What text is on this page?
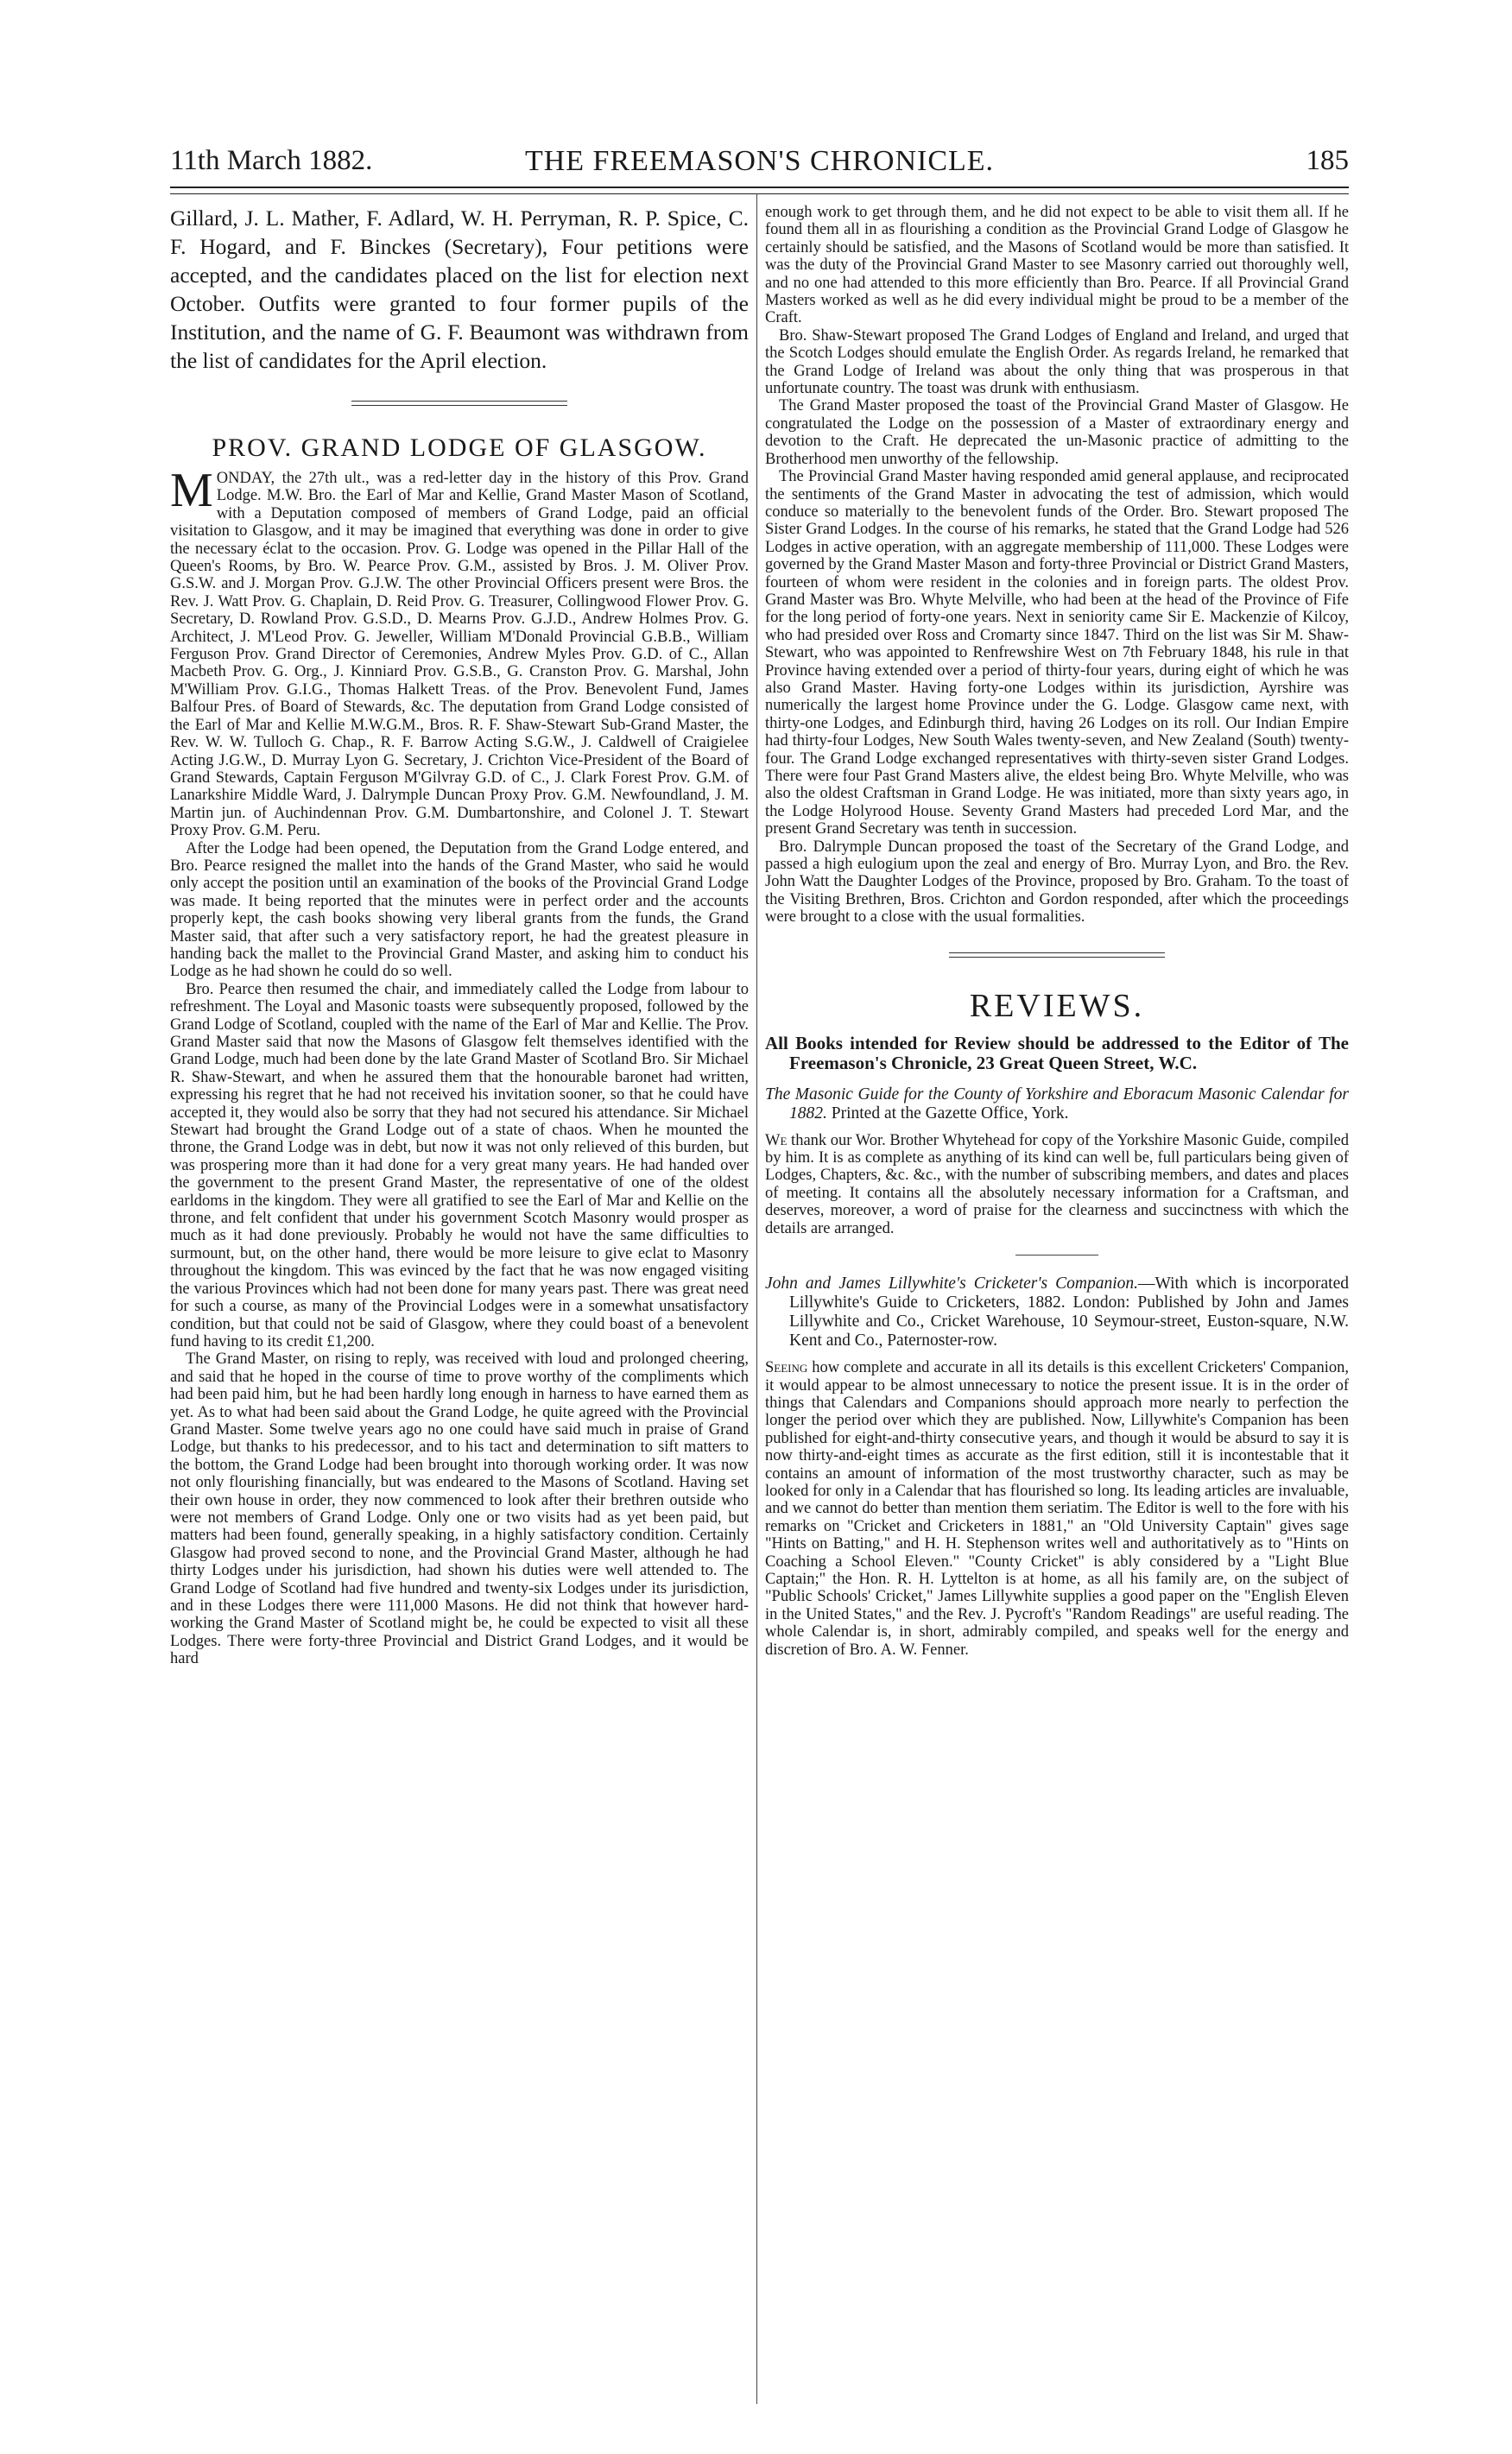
11th March 1882.	THE FREEMASON'S CHRONICLE.	185

Gillard, J. L. Mather, F. Adlard, W. H. Perryman, R. P. Spice, C. F. Hogard, and F. Binckes (Secretary), Four petitions were accepted, and the candidates placed on the list for election next October. Outfits were granted to four former pupils of the Institution, and the name of G. F. Beaumont was withdrawn from the list of candidates for the April election.

PROV. GRAND LODGE OF GLASGOW.

MONDAY, the 27th ult., was a red-letter day in the history of this Prov. Grand Lodge. M.W. Bro. the Earl of Mar and Kellie, Grand Master Mason of Scotland, with a Deputation composed of members of Grand Lodge, paid an official visitation to Glasgow, and it may be imagined that everything was done in order to give the necessary éclat to the occasion. Prov. G. Lodge was opened in the Pillar Hall of the Queen's Rooms, by Bro. W. Pearce Prov. G.M., assisted by Bros. J. M. Oliver Prov. G.S.W. and J. Morgan Prov. G.J.W. The other Provincial Officers present were Bros. the Rev. J. Watt Prov. G. Chaplain, D. Reid Prov. G. Treasurer, Collingwood Flower Prov. G. Secretary, D. Rowland Prov. G.S.D., D. Mearns Prov. G.J.D., Andrew Holmes Prov. G. Architect, J. M'Leod Prov. G. Jeweller, William M'Donald Provincial G.B.B., William Ferguson Prov. Grand Director of Ceremonies, Andrew Myles Prov. G.D. of C., Allan Macbeth Prov. G. Org., J. Kinniard Prov. G.S.B., G. Cranston Prov. G. Marshal, John M'William Prov. G.I.G., Thomas Halkett Treas. of the Prov. Benevolent Fund, James Balfour Pres. of Board of Stewards, &c. The deputation from Grand Lodge consisted of the Earl of Mar and Kellie M.W.G.M., Bros. R. F. Shaw-Stewart Sub-Grand Master, the Rev. W. W. Tulloch G. Chap., R. F. Barrow Acting S.G.W., J. Caldwell of Craigielee Acting J.G.W., D. Murray Lyon G. Secretary, J. Crichton Vice-President of the Board of Grand Stewards, Captain Ferguson M'Gilvray G.D. of C., J. Clark Forest Prov. G.M. of Lanarkshire Middle Ward, J. Dalrymple Duncan Proxy Prov. G.M. Newfoundland, J. M. Martin jun. of Auchindennan Prov. G.M. Dumbartonshire, and Colonel J. T. Stewart Proxy Prov. G.M. Peru.

After the Lodge had been opened, the Deputation from the Grand Lodge entered, and Bro. Pearce resigned the mallet into the hands of the Grand Master, who said he would only accept the position until an examination of the books of the Provincial Grand Lodge was made. It being reported that the minutes were in perfect order and the accounts properly kept, the cash books showing very liberal grants from the funds, the Grand Master said, that after such a very satisfactory report, he had the greatest pleasure in handing back the mallet to the Provincial Grand Master, and asking him to conduct his Lodge as he had shown he could do so well.

Bro. Pearce then resumed the chair, and immediately called the Lodge from labour to refreshment. The Loyal and Masonic toasts were subsequently proposed, followed by the Grand Lodge of Scotland, coupled with the name of the Earl of Mar and Kellie. The Prov. Grand Master said that now the Masons of Glasgow felt themselves identified with the Grand Lodge, much had been done by the late Grand Master of Scotland Bro. Sir Michael R. Shaw-Stewart, and when he assured them that the honourable baronet had written, expressing his regret that he had not received his invitation sooner, so that he could have accepted it, they would also be sorry that they had not secured his attendance. Sir Michael Stewart had brought the Grand Lodge out of a state of chaos. When he mounted the throne, the Grand Lodge was in debt, but now it was not only relieved of this burden, but was prospering more than it had done for a very great many years. He had handed over the government to the present Grand Master, the representative of one of the oldest earldoms in the kingdom. They were all gratified to see the Earl of Mar and Kellie on the throne, and felt confident that under his government Scotch Masonry would prosper as much as it had done previously. Probably he would not have the same difficulties to surmount, but, on the other hand, there would be more leisure to give eclat to Masonry throughout the kingdom. This was evinced by the fact that he was now engaged visiting the various Provinces which had not been done for many years past. There was great need for such a course, as many of the Provincial Lodges were in a somewhat unsatisfactory condition, but that could not be said of Glasgow, where they could boast of a benevolent fund having to its credit £1,200.

The Grand Master, on rising to reply, was received with loud and prolonged cheering, and said that he hoped in the course of time to prove worthy of the compliments which had been paid him, but he had been hardly long enough in harness to have earned them as yet. As to what had been said about the Grand Lodge, he quite agreed with the Provincial Grand Master. Some twelve years ago no one could have said much in praise of Grand Lodge, but thanks to his predecessor, and to his tact and determination to sift matters to the bottom, the Grand Lodge had been brought into thorough working order. It was now not only flourishing financially, but was endeared to the Masons of Scotland. Having set their own house in order, they now commenced to look after their brethren outside who were not members of Grand Lodge. Only one or two visits had as yet been paid, but matters had been found, generally speaking, in a highly satisfactory condition. Certainly Glasgow had proved second to none, and the Provincial Grand Master, although he had thirty Lodges under his jurisdiction, had shown his duties were well attended to. The Grand Lodge of Scotland had five hundred and twenty-six Lodges under its jurisdiction, and in these Lodges there were 111,000 Masons. He did not think that however hard-working the Grand Master of Scotland might be, he could be expected to visit all these Lodges. There were forty-three Provincial and District Grand Lodges, and it would be hard

enough work to get through them, and he did not expect to be able to visit them all. If he found them all in as flourishing a condition as the Provincial Grand Lodge of Glasgow he certainly should be satisfied, and the Masons of Scotland would be more than satisfied. It was the duty of the Provincial Grand Master to see Masonry carried out thoroughly well, and no one had attended to this more efficiently than Bro. Pearce. If all Provincial Grand Masters worked as well as he did every individual might be proud to be a member of the Craft.

Bro. Shaw-Stewart proposed The Grand Lodges of England and Ireland, and urged that the Scotch Lodges should emulate the English Order. As regards Ireland, he remarked that the Grand Lodge of Ireland was about the only thing that was prosperous in that unfortunate country. The toast was drunk with enthusiasm.

The Grand Master proposed the toast of the Provincial Grand Master of Glasgow. He congratulated the Lodge on the possession of a Master of extraordinary energy and devotion to the Craft. He deprecated the un-Masonic practice of admitting to the Brotherhood men unworthy of the fellowship.

The Provincial Grand Master having responded amid general applause, and reciprocated the sentiments of the Grand Master in advocating the test of admission, which would conduce so materially to the benevolent funds of the Order. Bro. Stewart proposed The Sister Grand Lodges. In the course of his remarks, he stated that the Grand Lodge had 526 Lodges in active operation, with an aggregate membership of 111,000. These Lodges were governed by the Grand Master Mason and forty-three Provincial or District Grand Masters, fourteen of whom were resident in the colonies and in foreign parts. The oldest Prov. Grand Master was Bro. Whyte Melville, who had been at the head of the Province of Fife for the long period of forty-one years. Next in seniority came Sir E. Mackenzie of Kilcoy, who had presided over Ross and Cromarty since 1847. Third on the list was Sir M. Shaw-Stewart, who was appointed to Renfrewshire West on 7th February 1848, his rule in that Province having extended over a period of thirty-four years, during eight of which he was also Grand Master. Having forty-one Lodges within its jurisdiction, Ayrshire was numerically the largest home Province under the G. Lodge. Glasgow came next, with thirty-one Lodges, and Edinburgh third, having 26 Lodges on its roll. Our Indian Empire had thirty-four Lodges, New South Wales twenty-seven, and New Zealand (South) twenty-four. The Grand Lodge exchanged representatives with thirty-seven sister Grand Lodges. There were four Past Grand Masters alive, the eldest being Bro. Whyte Melville, who was also the oldest Craftsman in Grand Lodge. He was initiated, more than sixty years ago, in the Lodge Holyrood House. Seventy Grand Masters had preceded Lord Mar, and the present Grand Secretary was tenth in succession.

Bro. Dalrymple Duncan proposed the toast of the Secretary of the Grand Lodge, and passed a high eulogium upon the zeal and energy of Bro. Murray Lyon, and Bro. the Rev. John Watt the Daughter Lodges of the Province, proposed by Bro. Graham. To the toast of the Visiting Brethren, Bros. Crichton and Gordon responded, after which the proceedings were brought to a close with the usual formalities.

REVIEWS.

All Books intended for Review should be addressed to the Editor of The Freemason's Chronicle, 23 Great Queen Street, W.C.

The Masonic Guide for the County of Yorkshire and Eboracum Masonic Calendar for 1882. Printed at the Gazette Office, York.

We thank our Wor. Brother Whytehead for copy of the Yorkshire Masonic Guide, compiled by him. It is as complete as anything of its kind can well be, full particulars being given of Lodges, Chapters, &c. &c., with the number of subscribing members, and dates and places of meeting. It contains all the absolutely necessary information for a Craftsman, and deserves, moreover, a word of praise for the clearness and succinctness with which the details are arranged.

John and James Lillywhite's Cricketer's Companion.—With which is incorporated Lillywhite's Guide to Cricketers, 1882. London: Published by John and James Lillywhite and Co., Cricket Warehouse, 10 Seymour-street, Euston-square, N.W. Kent and Co., Paternoster-row.

Seeing how complete and accurate in all its details is this excellent Cricketers' Companion, it would appear to be almost unnecessary to notice the present issue. It is in the order of things that Calendars and Companions should approach more nearly to perfection the longer the period over which they are published. Now, Lillywhite's Companion has been published for eight-and-thirty consecutive years, and though it would be absurd to say it is now thirty-and-eight times as accurate as the first edition, still it is incontestable that it contains an amount of information of the most trustworthy character, such as may be looked for only in a Calendar that has flourished so long. Its leading articles are invaluable, and we cannot do better than mention them seriatim. The Editor is well to the fore with his remarks on "Cricket and Cricketers in 1881," an "Old University Captain" gives sage "Hints on Batting," and H. H. Stephenson writes well and authoritatively as to "Hints on Coaching a School Eleven." "County Cricket" is ably considered by a "Light Blue Captain;" the Hon. R. H. Lyttelton is at home, as all his family are, on the subject of "Public Schools' Cricket," James Lillywhite supplies a good paper on the "English Eleven in the United States," and the Rev. J. Pycroft's "Random Readings" are useful reading. The whole Calendar is, in short, admirably compiled, and speaks well for the energy and discretion of Bro. A. W. Fenner.
